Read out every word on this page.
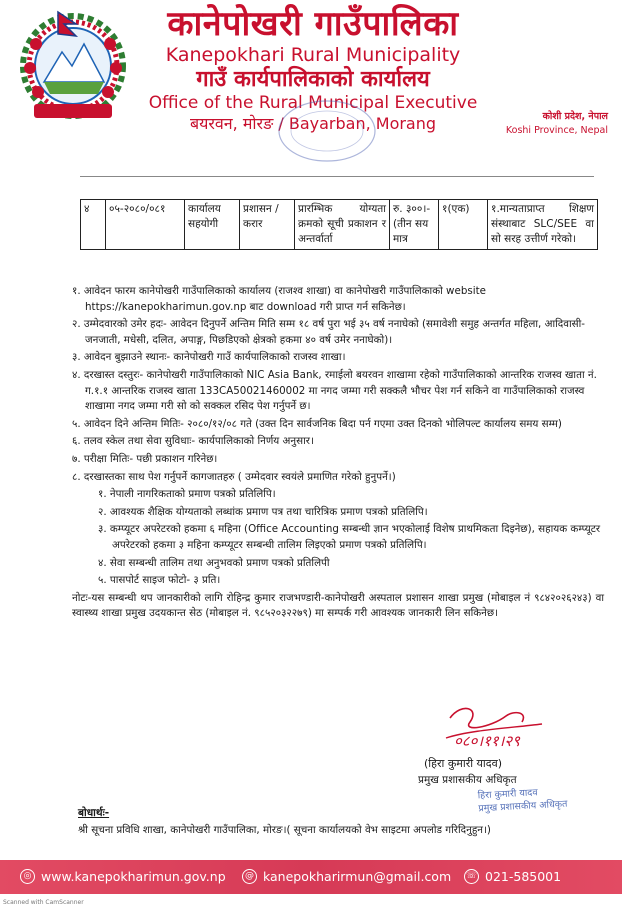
कानेपोखरी गाउँपालिका
Kanepokhari Rural Municipality
गाउँ कार्यपालिकाको कार्यालय
Office of the Rural Municipal Executive
बयरवन, मोरङ / Bayarban, Morang	कोशी प्रदेश, नेपाल
Koshi Province, Nepal
४	०५-२०८०/०८१	कार्यालय सहयोगी	प्रशासन /करार	प्रारम्भिक योग्यता क्रमको सूची प्रकाशन र अन्तर्वार्ता	रु. ३००।- (तीन सय मात्र	१(एक)	१.मान्यताप्राप्त शिक्षण संस्थाबाट SLC/SEE वा सो सरह उत्तीर्ण गरेको।

१. आवेदन फारम कानेपोखरी गाउँपालिकाको कार्यालय (राजश्व शाखा) वा कानेपोखरी गाउँपालिकाको website https://kanepokharimun.gov.np बाट download गरी प्राप्त गर्न सकिनेछ।

२. उम्मेदवारको उमेर हदः- आवेदन दिनुपर्ने अन्तिम मिति सम्म १८ वर्ष पुरा भई ३५ वर्ष ननाघेको (समावेशी समुह अन्तर्गत महिला, आदिवासी-जनजाती, मधेसी, दलित, अपाङ्ग, पिछडिएको क्षेत्रको हकमा ४० वर्ष उमेर ननाघेको)।

३. आवेदन बुझाउने स्थानः- कानेपोखरी गाउँ कार्यपालिकाको राजस्व शाखा।

४. दरखास्त दस्तुरः- कानेपोखरी गाउँपालिकाको NIC Asia Bank, रमाईलो बयरवन शाखामा रहेको गाउँपालिकाको आन्तरिक राजस्व खाता नं. ग.१.१ आन्तरिक राजस्व खाता 133CA50021460002 मा नगद जम्मा गरी सक्कलै भौचर पेश गर्न सकिने वा गाउँपालिकाको राजस्व शाखामा नगद जम्मा गरी सो को सक्कल रसिद पेश गर्नुपर्ने छ।

५. आवेदन दिने अन्तिम मितिः- २०८०/१२/०८ गते (उक्त दिन सार्वजनिक बिदा पर्न गएमा उक्त दिनको भोलिपल्ट कार्यालय समय सम्म)

६. तलव स्केल तथा सेवा सुविधाः- कार्यपालिकाको निर्णय अनुसार।

७. परीक्षा मितिः- पछी प्रकाशन गरिनेछ।

८. दरखास्तका साथ पेश गर्नुपर्ने कागजातहरु ( उम्मेदवार स्वयंले प्रमाणित गरेको हुनुपर्ने।)

१. नेपाली नागरिकताको प्रमाण पत्रको प्रतिलिपि।

२. आवश्यक शैक्षिक योग्यताको लब्धांक प्रमाण पत्र तथा चारित्रिक प्रमाण पत्रको प्रतिलिपि।

३. कम्प्यूटर अपरेटरको हकमा ६ महिना (Office Accounting सम्बन्धी ज्ञान भएकोलाई विशेष प्राथमिकता दिइनेछ), सहायक कम्प्यूटर अपरेटरको हकमा ३ महिना कम्प्यूटर सम्बन्धी तालिम लिइएको प्रमाण पत्रको प्रतिलिपि।

४. सेवा सम्बन्धी तालिम तथा अनुभवको प्रमाण पत्रको प्रतिलिपी

५. पासपोर्ट साइज फोटो- ३ प्रति।

नोटः-यस सम्बन्धी थप जानकारीको लागि रोहिन्द्र कुमार राजभण्डारी-कानेपोखरी अस्पताल प्रशासन शाखा प्रमुख (मोबाइल नं ९८४२०२६२४३) वा स्वास्थ्य शाखा प्रमुख उदयकान्त सेठ (मोबाइल नं. ९८५२०३२२७९) मा सम्पर्क गरी आवश्यक जानकारी लिन सकिनेछ।

०८०।११।२९
(हिरा कुमारी यादव)
प्रमुख प्रशासकीय अधिकृत
हिरा कुमारी यादव
प्रमुख प्रशासकीय अधिकृत
बोधार्थः-
श्री सूचना प्रविधि शाखा, कानेपोखरी गाउँपालिका, मोरङ।( सूचना कार्यालयको वेभ साइटमा अपलोड गरिदिनुहुन।)
◎ www.kanepokharimun.gov.np	@ kanepokharirmun@gmail.com ☏ 021-585001
Scanned with CamScanner
